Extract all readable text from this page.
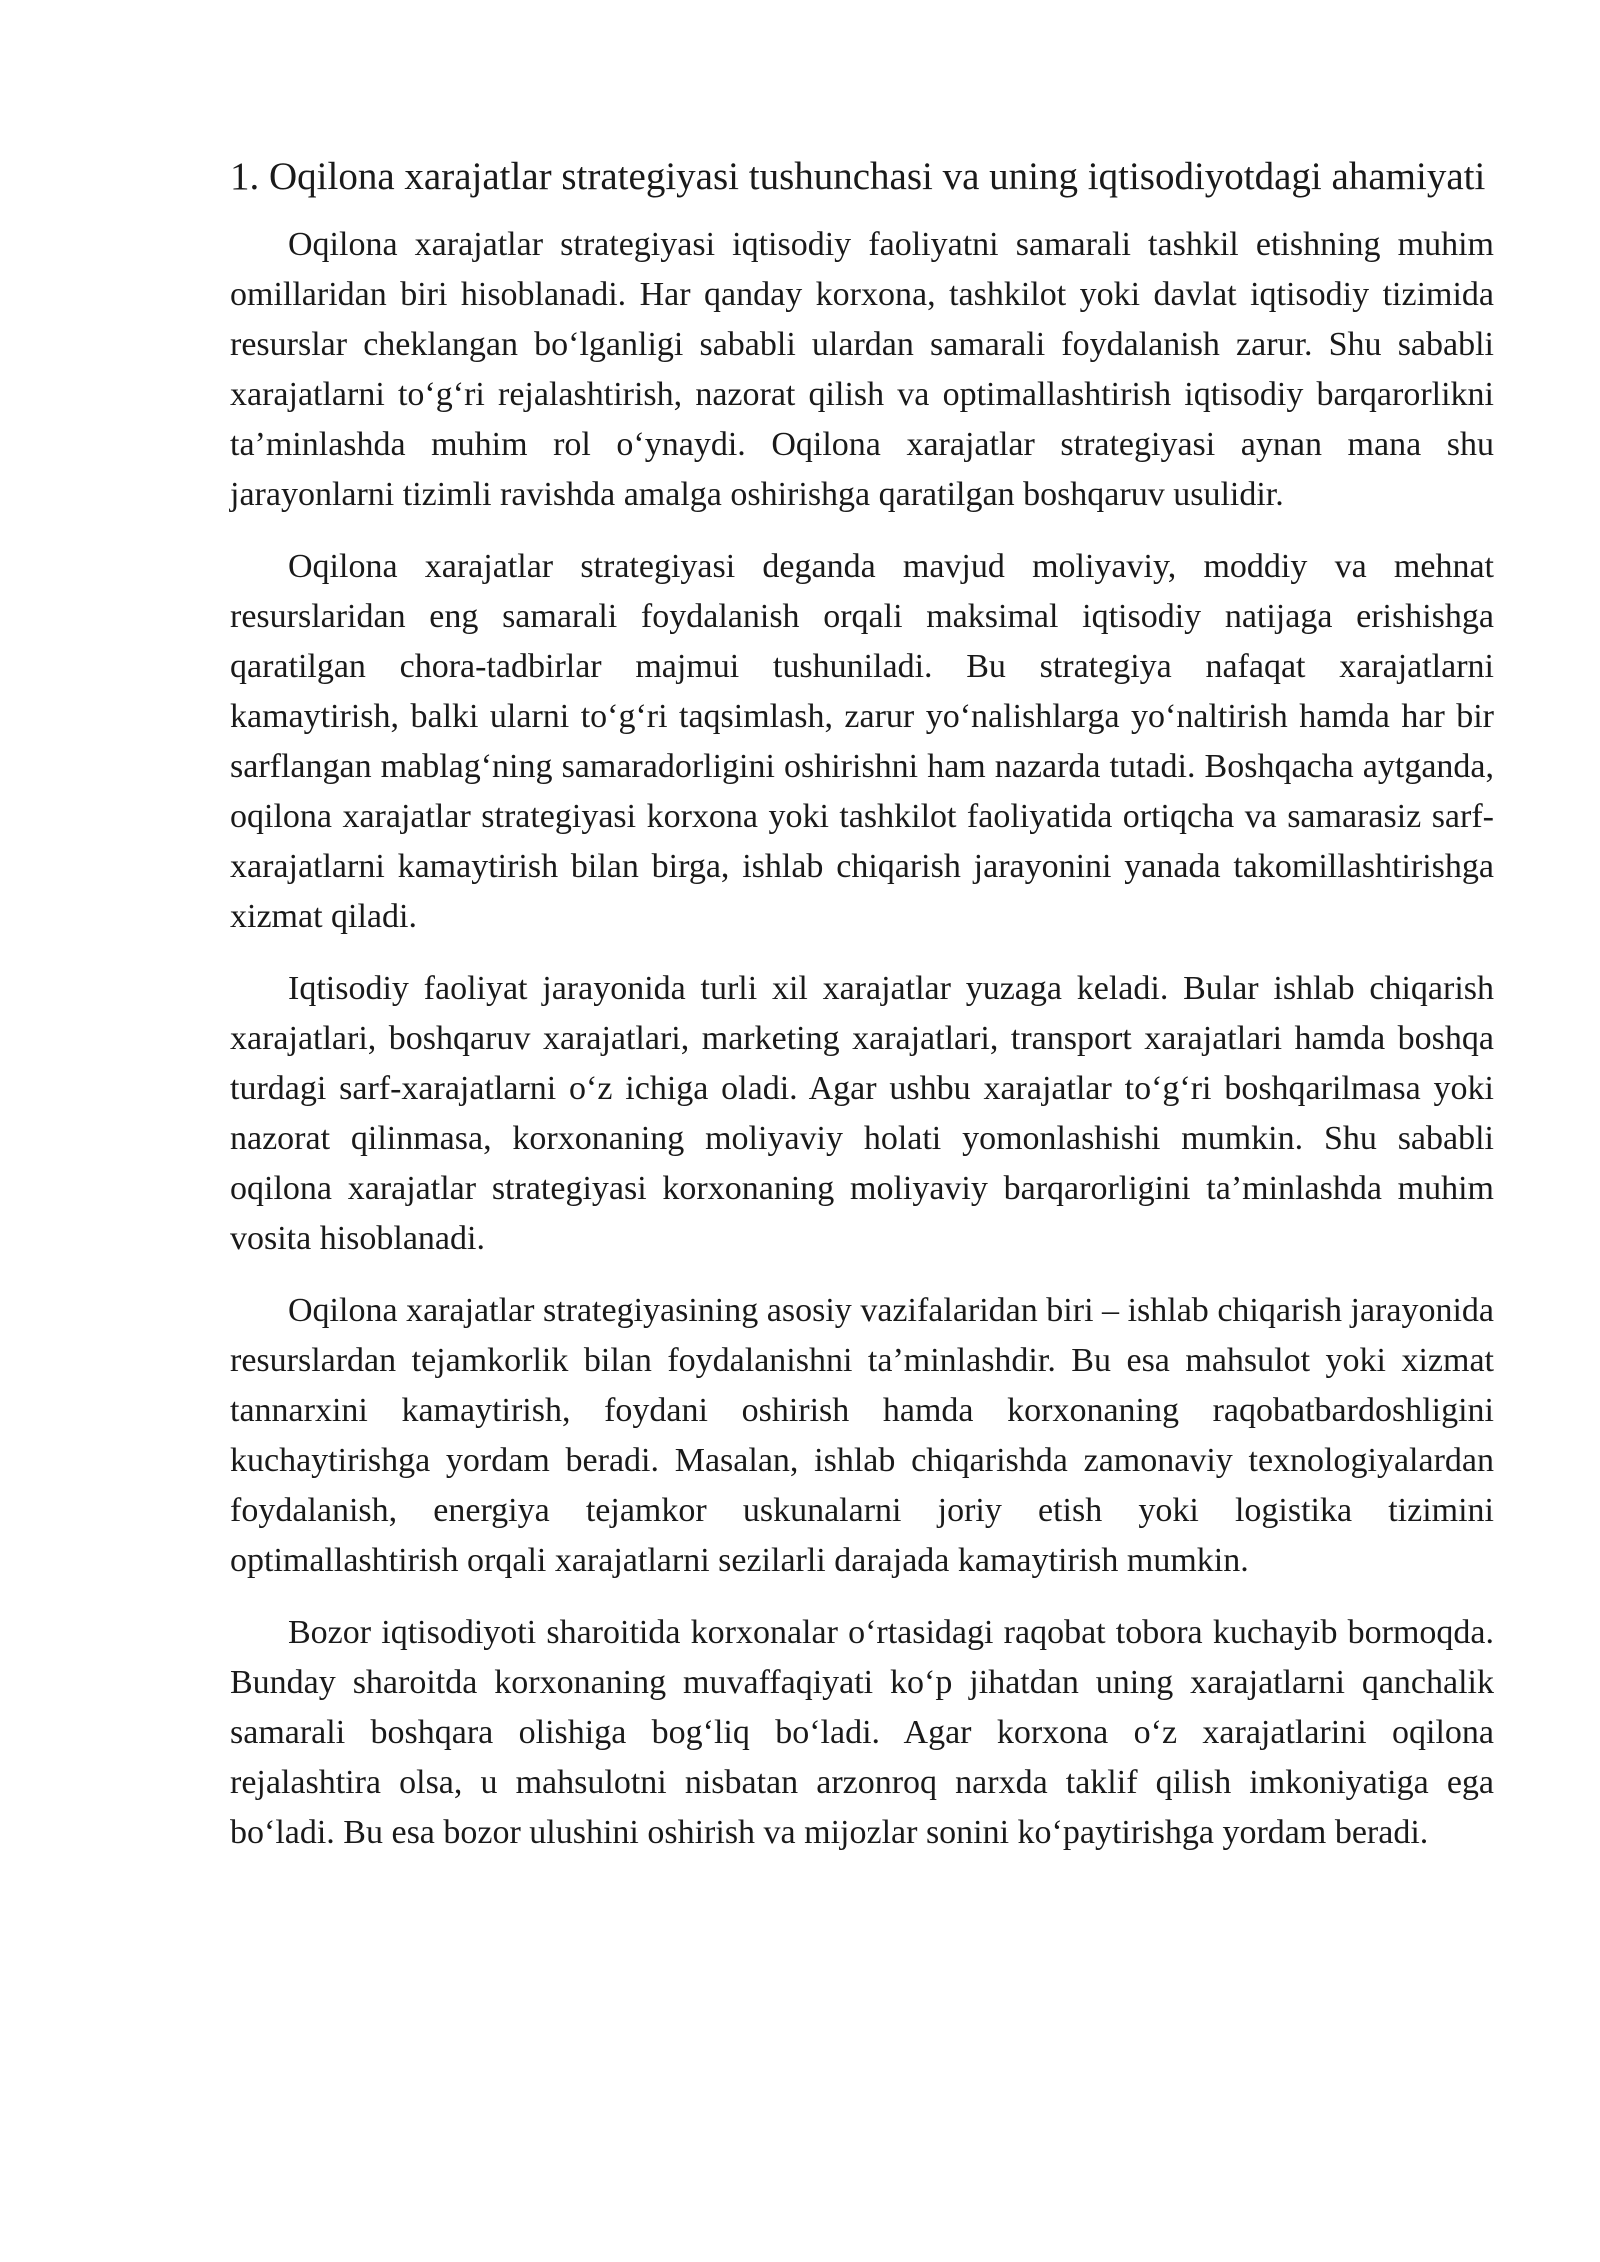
1. Oqilona xarajatlar strategiyasi tushunchasi va uning iqtisodiyotdagi ahamiyati

Oqilona xarajatlar strategiyasi iqtisodiy faoliyatni samarali tashkil etishning muhim omillaridan biri hisoblanadi. Har qanday korxona, tashkilot yoki davlat iqtisodiy tizimida resurslar cheklangan bo‘lganligi sababli ulardan samarali foydalanish zarur. Shu sababli xarajatlarni to‘g‘ri rejalashtirish, nazorat qilish va optimallashtirish iqtisodiy barqarorlikni ta’minlashda muhim rol o‘ynaydi. Oqilona xarajatlar strategiyasi aynan mana shu jarayonlarni tizimli ravishda amalga oshirishga qaratilgan boshqaruv usulidir.

Oqilona xarajatlar strategiyasi deganda mavjud moliyaviy, moddiy va mehnat resurslaridan eng samarali foydalanish orqali maksimal iqtisodiy natijaga erishishga qaratilgan chora-tadbirlar majmui tushuniladi. Bu strategiya nafaqat xarajatlarni kamaytirish, balki ularni to‘g‘ri taqsimlash, zarur yo‘nalishlarga yo‘naltirish hamda har bir sarflangan mablag‘ning samaradorligini oshirishni ham nazarda tutadi. Boshqacha aytganda, oqilona xarajatlar strategiyasi korxona yoki tashkilot faoliyatida ortiqcha va samarasiz sarf-xarajatlarni kamaytirish bilan birga, ishlab chiqarish jarayonini yanada takomillashtirishga xizmat qiladi.

Iqtisodiy faoliyat jarayonida turli xil xarajatlar yuzaga keladi. Bular ishlab chiqarish xarajatlari, boshqaruv xarajatlari, marketing xarajatlari, transport xarajatlari hamda boshqa turdagi sarf-xarajatlarni o‘z ichiga oladi. Agar ushbu xarajatlar to‘g‘ri boshqarilmasa yoki nazorat qilinmasa, korxonaning moliyaviy holati yomonlashishi mumkin. Shu sababli oqilona xarajatlar strategiyasi korxonaning moliyaviy barqarorligini ta’minlashda muhim vosita hisoblanadi.

Oqilona xarajatlar strategiyasining asosiy vazifalaridan biri – ishlab chiqarish jarayonida resurslardan tejamkorlik bilan foydalanishni ta’minlashdir. Bu esa mahsulot yoki xizmat tannarxini kamaytirish, foydani oshirish hamda korxonaning raqobatbardoshligini kuchaytirishga yordam beradi. Masalan, ishlab chiqarishda zamonaviy texnologiyalardan foydalanish, energiya tejamkor uskunalarni joriy etish yoki logistika tizimini optimallashtirish orqali xarajatlarni sezilarli darajada kamaytirish mumkin.

Bozor iqtisodiyoti sharoitida korxonalar o‘rtasidagi raqobat tobora kuchayib bormoqda. Bunday sharoitda korxonaning muvaffaqiyati ko‘p jihatdan uning xarajatlarni qanchalik samarali boshqara olishiga bog‘liq bo‘ladi. Agar korxona o‘z xarajatlarini oqilona rejalashtira olsa, u mahsulotni nisbatan arzonroq narxda taklif qilish imkoniyatiga ega bo‘ladi. Bu esa bozor ulushini oshirish va mijozlar sonini ko‘paytirishga yordam beradi.
